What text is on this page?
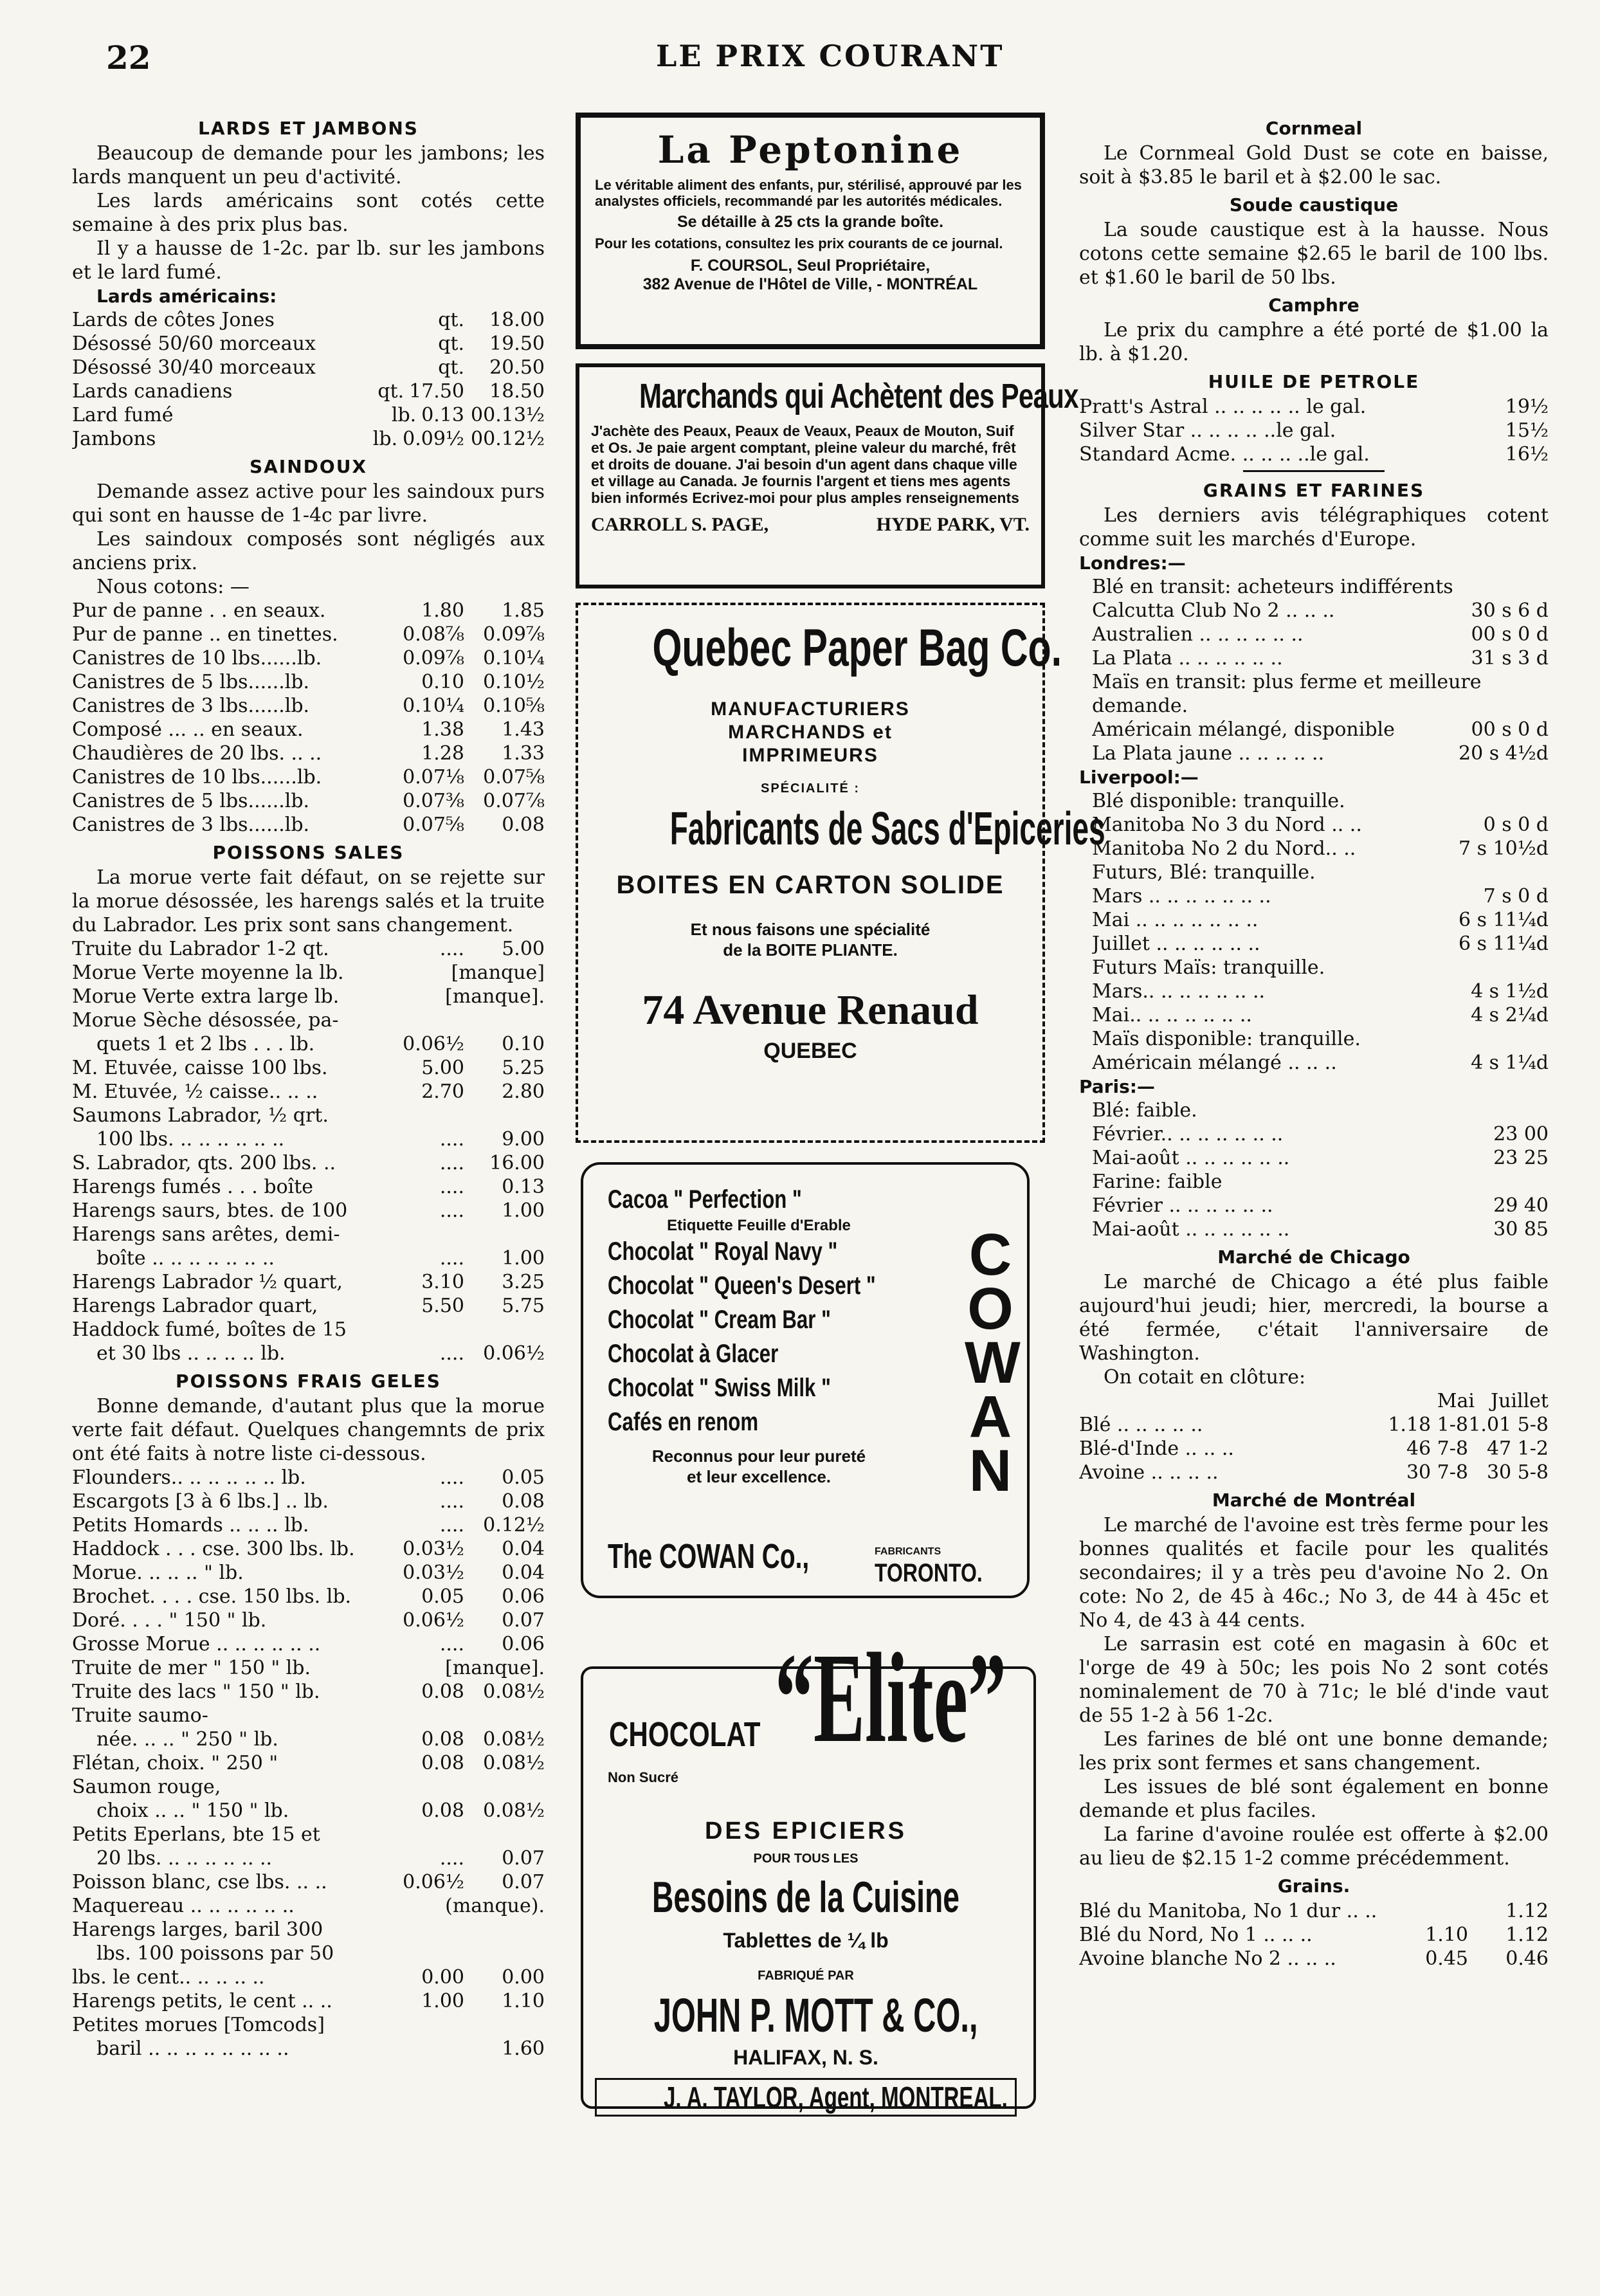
22	LE PRIX COURANT
LARDS ET JAMBONS
Beaucoup de demande pour les jambons; les lards manquent un peu d'activité.
Les lards américains sont cotés cette semaine à des prix plus bas.
Il y a hausse de 1-2c. par lb. sur les jambons et le lard fumé.
Lards américains:
Lards de côtes Jones	qt.	18.00
Désossé 50/60 morceaux	qt.	19.50
Désossé 30/40 morceaux	qt.	20.50
Lards canadiens	qt. 17.50	18.50
Lard fumé	lb. 0.13 00.13½
Jambons	lb. 0.09½ 00.12½
SAINDOUX
Demande assez active pour les saindoux purs qui sont en hausse de 1-4c par livre.
Les saindoux composés sont négligés aux anciens prix.
Nous cotons: —
Pur de panne . . en seaux.	1.80	1.85
Pur de panne .. en tinettes.	0.08⅞ 0.09⅞
Canistres de 10 lbs......lb.	0.09⅞ 0.10¼
Canistres de 5 lbs......lb.	0.10 0.10½
Canistres de 3 lbs......lb.	0.10¼ 0.10⅝
Composé ... .. en seaux.	1.38	1.43
Chaudières de 20 lbs. .. ..	1.28	1.33
Canistres de 10 lbs......lb.	0.07⅛ 0.07⅝
Canistres de 5 lbs......lb.	0.07⅜ 0.07⅞
Canistres de 3 lbs......lb.	0.07⅝	0.08
POISSONS SALES
La morue verte fait défaut, on se rejette sur la morue désossée, les harengs salés et la truite du Labrador. Les prix sont sans changement.
Truite du Labrador 1-2 qt.	....	5.00
Morue Verte moyenne la lb.	[manque]
Morue Verte extra large lb.	[manque].
Morue Sèche désossée, pa-
quets 1 et 2 lbs . . . lb.	0.06½	0.10
M. Etuvée, caisse 100 lbs.	5.00	5.25
M. Etuvée, ½ caisse.. .. ..	2.70	2.80
Saumons Labrador, ½ qrt.
100 lbs. .. .. .. .. .. ..	....	9.00
S. Labrador, qts. 200 lbs. ..	....	16.00
Harengs fumés . . . boîte	....	0.13
Harengs saurs, btes. de 100	....	1.00
Harengs sans arêtes, demi-
boîte .. .. .. .. .. .. ..	....	1.00
Harengs Labrador ½ quart,	3.10	3.25
Harengs Labrador quart,	5.50	5.75
Haddock fumé, boîtes de 15
et 30 lbs .. .. .. .. lb.	.... 0.06½
POISSONS FRAIS GELES
Bonne demande, d'autant plus que la morue verte fait défaut. Quelques changemnts de prix ont été faits à notre liste ci-dessous.
Flounders.. .. .. .. .. .. lb.	....	0.05
Escargots [3 à 6 lbs.] .. lb.	....	0.08
Petits Homards .. .. .. lb.	.... 0.12½
Haddock . . . cse. 300 lbs. lb.	0.03½	0.04
Morue. .. .. .. " lb.	0.03½	0.04
Brochet. . . . cse. 150 lbs. lb.	0.05	0.06
Doré. . . . " 150 " lb.	0.06½	0.07
Grosse Morue .. .. .. .. .. ..	....	0.06
Truite de mer " 150 " lb.	[manque].
Truite des lacs " 150 " lb.	0.08 0.08½
Truite saumo-
née. .. .. " 250 " lb.	0.08 0.08½
Flétan, choix. " 250 "	0.08 0.08½
Saumon rouge,
choix .. .. " 150 " lb.	0.08 0.08½
Petits Eperlans, bte 15 et
20 lbs. .. .. .. .. .. ..	....	0.07
Poisson blanc, cse lbs. .. ..	0.06½	0.07
Maquereau .. .. .. .. .. ..	(manque).
Harengs larges, baril 300
lbs. 100 poissons par 50
lbs. le cent.. .. .. .. ..	0.00	0.00
Harengs petits, le cent .. ..	1.00	1.10
Petites morues [Tomcods]
baril .. .. .. .. .. .. .. ..	1.60
La Peptonine
Le véritable aliment des enfants, pur, stérilisé, approuvé par les analystes officiels, recommandé par les autorités médicales.
Se détaille à 25 cts la grande boîte.
Pour les cotations, consultez les prix courants de ce journal.
F. COURSOL, Seul Propriétaire,
382 Avenue de l'Hôtel de Ville, - MONTRÉAL
Marchands qui Achètent des Peaux
J'achète des Peaux, Peaux de Veaux, Peaux de Mouton, Suif et Os. Je paie argent comptant, pleine valeur du marché, frêt et droits de douane. J'ai besoin d'un agent dans chaque ville et village au Canada. Je fournis l'argent et tiens mes agents bien informés Ecrivez-moi pour plus amples renseignements
CARROLL S. PAGE,	HYDE PARK, VT.
Quebec Paper Bag Co.
MANUFACTURIERS
MARCHANDS et
IMPRIMEURS
SPÉCIALITÉ :
Fabricants de Sacs d'Epiceries
BOITES EN CARTON SOLIDE
Et nous faisons une spécialité
de la BOITE PLIANTE.
74 Avenue Renaud
QUEBEC
Cacoa " Perfection "
Etiquette Feuille d'Erable
Chocolat " Royal Navy "
Chocolat " Queen's Desert "
Chocolat " Cream Bar "
Chocolat à Glacer
Chocolat " Swiss Milk "
Cafés en renom
Reconnus pour leur pureté
et leur excellence.
C
O
W
A
N
The COWAN Co.,	FABRICANTS
TORONTO.
“Elite”
CHOCOLAT
Non Sucré
DES EPICIERS
POUR TOUS LES
Besoins de la Cuisine
Tablettes de ¼ lb
FABRIQUÉ PAR
JOHN P. MOTT & CO.,
HALIFAX, N. S.
J. A. TAYLOR, Agent, MONTREAL.
Cornmeal
Le Cornmeal Gold Dust se cote en baisse, soit à $3.85 le baril et à $2.00 le sac.
Soude caustique
La soude caustique est à la hausse. Nous cotons cette semaine $2.65 le baril de 100 lbs. et $1.60 le baril de 50 lbs.
Camphre
Le prix du camphre a été porté de $1.00 la lb. à $1.20.
HUILE DE PETROLE
Pratt's Astral .. .. .. .. .. le gal.	19½
Silver Star .. .. .. .. ..le gal.	15½
Standard Acme. .. .. .. ..le gal.	16½
GRAINS ET FARINES
Les derniers avis télégraphiques cotent comme suit les marchés d'Europe.
Londres:—
Blé en transit: acheteurs indifférents
Calcutta Club No 2 .. .. ..	30 s 6 d
Australien .. .. .. .. .. ..	00 s 0 d
La Plata .. .. .. .. .. ..	31 s 3 d
Maïs en transit: plus ferme et meilleure demande.
Américain mélangé, disponible	00 s 0 d
La Plata jaune .. .. .. .. ..	20 s 4½d
Liverpool:—
Blé disponible: tranquille.
Manitoba No 3 du Nord .. ..	0 s 0 d
Manitoba No 2 du Nord.. ..	7 s 10½d
Futurs, Blé: tranquille.
Mars .. .. .. .. .. .. ..	7 s 0 d
Mai .. .. .. .. .. .. ..	6 s 11¼d
Juillet .. .. .. .. .. ..	6 s 11¼d
Futurs Maïs: tranquille.
Mars.. .. .. .. .. .. ..	4 s 1½d
Mai.. .. .. .. .. .. ..	4 s 2¼d
Maïs disponible: tranquille.
Américain mélangé .. .. ..	4 s 1¼d
Paris:—
Blé: faible.
Février.. .. .. .. .. .. ..	23 00
Mai-août .. .. .. .. .. ..	23 25
Farine: faible
Février .. .. .. .. .. ..	29 40
Mai-août .. .. .. .. .. ..	30 85
Marché de Chicago
Le marché de Chicago a été plus faible aujourd'hui jeudi; hier, mercredi, la bourse a été fermée, c'était l'anniversaire de Washington.
On cotait en clôture:
Mai Juillet
Blé .. .. .. .. ..	1.18 1-8 1.01 5-8
Blé-d'Inde .. .. ..	46 7-8 47 1-2
Avoine .. .. .. ..	30 7-8 30 5-8
Marché de Montréal
Le marché de l'avoine est très ferme pour les bonnes qualités et facile pour les qualités secondaires; il y a très peu d'avoine No 2. On cote: No 2, de 45 à 46c.; No 3, de 44 à 45c et No 4, de 43 à 44 cents.
Le sarrasin est coté en magasin à 60c et l'orge de 49 à 50c; les pois No 2 sont cotés nominalement de 70 à 71c; le blé d'inde vaut de 55 1-2 à 56 1-2c.
Les farines de blé ont une bonne demande; les prix sont fermes et sans changement.
Les issues de blé sont également en bonne demande et plus faciles.
La farine d'avoine roulée est offerte à $2.00 au lieu de $2.15 1-2 comme précédemment.
Grains.
Blé du Manitoba, No 1 dur .. ..	1.12
Blé du Nord, No 1 .. .. ..	1.10	1.12
Avoine blanche No 2 .. .. ..	0.45	0.46
